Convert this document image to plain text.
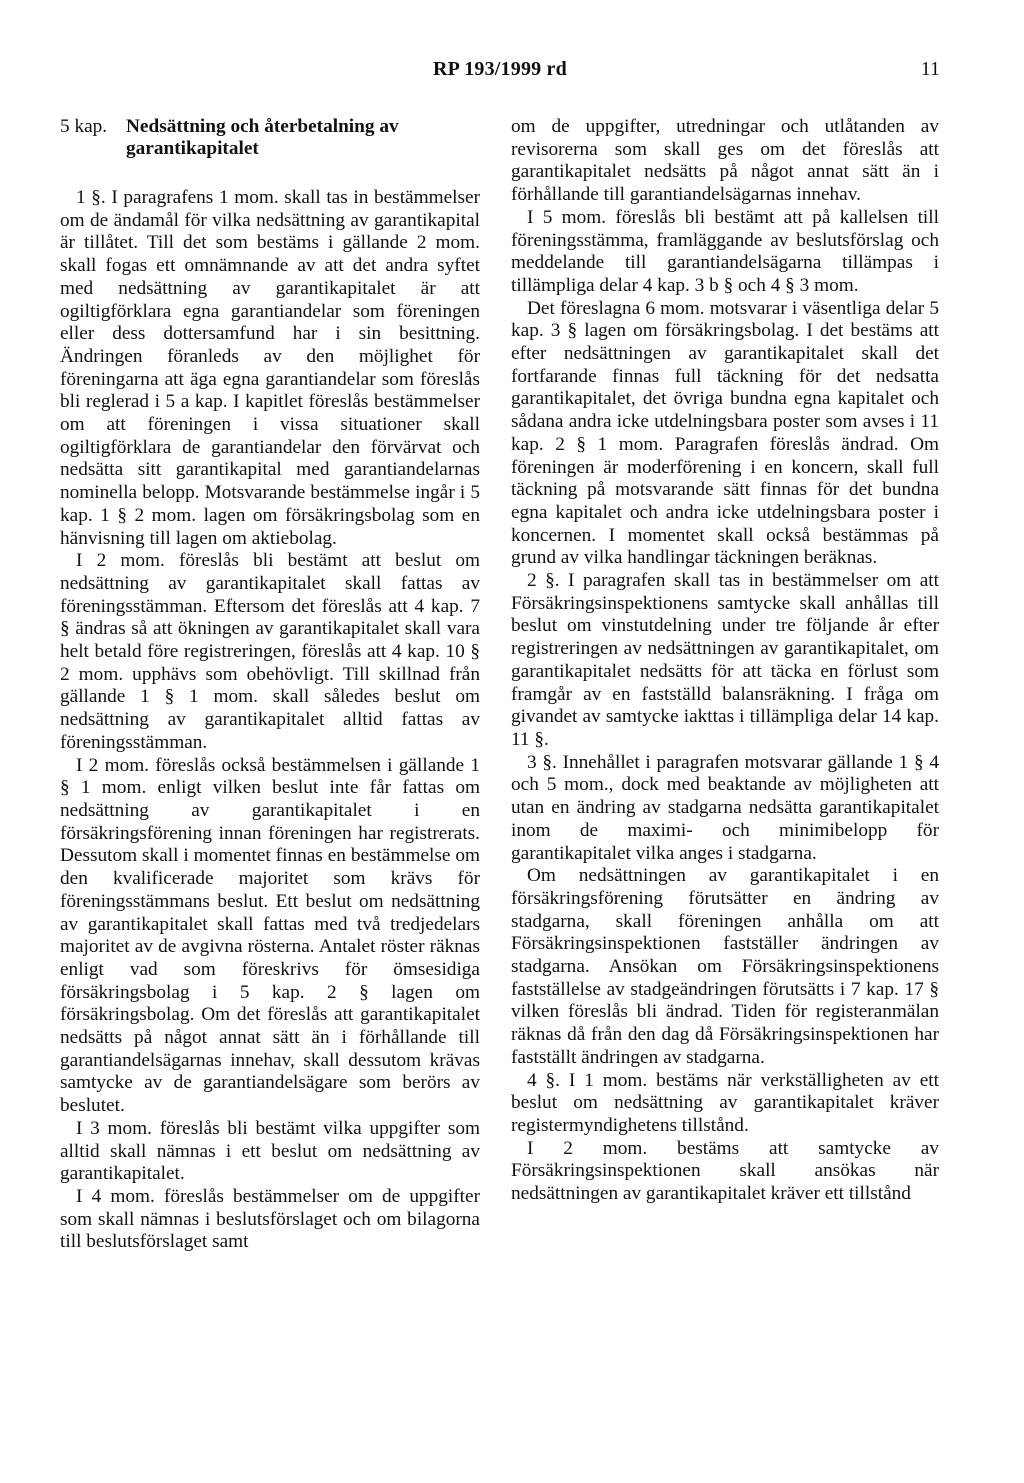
RP 193/1999 rd	11
5 kap. Nedsättning och återbetalning av garantikapitalet

1 §. I paragrafens 1 mom. skall tas in bestämmelser om de ändamål för vilka nedsättning av garantikapital är tillåtet. Till det som bestäms i gällande 2 mom. skall fogas ett omnämnande av att det andra syftet med nedsättning av garantikapitalet är att ogiltigförklara egna garantiandelar som föreningen eller dess dottersamfund har i sin besittning. Ändringen föranleds av den möjlighet för föreningarna att äga egna garantiandelar som föreslås bli reglerad i 5 a kap. I kapitlet föreslås bestämmelser om att föreningen i vissa situationer skall ogiltigförklara de garantiandelar den förvärvat och nedsätta sitt garantikapital med garantiandelarnas nominella belopp. Motsvarande bestämmelse ingår i 5 kap. 1 § 2 mom. lagen om försäkringsbolag som en hänvisning till lagen om aktiebolag.

I 2 mom. föreslås bli bestämt att beslut om nedsättning av garantikapitalet skall fattas av föreningsstämman. Eftersom det föreslås att 4 kap. 7 § ändras så att ökningen av garantikapitalet skall vara helt betald före registreringen, föreslås att 4 kap. 10 § 2 mom. upphävs som obehövligt. Till skillnad från gällande 1 § 1 mom. skall således beslut om nedsättning av garantikapitalet alltid fattas av föreningsstämman.

I 2 mom. föreslås också bestämmelsen i gällande 1 § 1 mom. enligt vilken beslut inte får fattas om nedsättning av garantikapitalet i en försäkringsförening innan föreningen har registrerats. Dessutom skall i momentet finnas en bestämmelse om den kvalificerade majoritet som krävs för föreningsstämmans beslut. Ett beslut om nedsättning av garantikapitalet skall fattas med två tredjedelars majoritet av de avgivna rösterna. Antalet röster räknas enligt vad som föreskrivs för ömsesidiga försäkringsbolag i 5 kap. 2 § lagen om försäkringsbolag. Om det föreslås att garantikapitalet nedsätts på något annat sätt än i förhållande till garantiandelsägarnas innehav, skall dessutom krävas samtycke av de garantiandelsägare som berörs av beslutet.

I 3 mom. föreslås bli bestämt vilka uppgifter som alltid skall nämnas i ett beslut om nedsättning av garantikapitalet.

I 4 mom. föreslås bestämmelser om de uppgifter som skall nämnas i beslutsförslaget och om bilagorna till beslutsförslaget samt

om de uppgifter, utredningar och utlåtanden av revisorerna som skall ges om det föreslås att garantikapitalet nedsätts på något annat sätt än i förhållande till garantiandelsägarnas innehav.

I 5 mom. föreslås bli bestämt att på kallelsen till föreningsstämma, framläggande av beslutsförslag och meddelande till garantiandelsägarna tillämpas i tillämpliga delar 4 kap. 3 b § och 4 § 3 mom.

Det föreslagna 6 mom. motsvarar i väsentliga delar 5 kap. 3 § lagen om försäkringsbolag. I det bestäms att efter nedsättningen av garantikapitalet skall det fortfarande finnas full täckning för det nedsatta garantikapitalet, det övriga bundna egna kapitalet och sådana andra icke utdelningsbara poster som avses i 11 kap. 2 § 1 mom. Paragrafen föreslås ändrad. Om föreningen är moderförening i en koncern, skall full täckning på motsvarande sätt finnas för det bundna egna kapitalet och andra icke utdelningsbara poster i koncernen. I momentet skall också bestämmas på grund av vilka handlingar täckningen beräknas.

2 §. I paragrafen skall tas in bestämmelser om att Försäkringsinspektionens samtycke skall anhållas till beslut om vinstutdelning under tre följande år efter registreringen av nedsättningen av garantikapitalet, om garantikapitalet nedsätts för att täcka en förlust som framgår av en fastställd balansräkning. I fråga om givandet av samtycke iakttas i tillämpliga delar 14 kap. 11 §.

3 §. Innehållet i paragrafen motsvarar gällande 1 § 4 och 5 mom., dock med beaktande av möjligheten att utan en ändring av stadgarna nedsätta garantikapitalet inom de maximi- och minimibelopp för garantikapitalet vilka anges i stadgarna.

Om nedsättningen av garantikapitalet i en försäkringsförening förutsätter en ändring av stadgarna, skall föreningen anhålla om att Försäkringsinspektionen fastställer ändringen av stadgarna. Ansökan om Försäkringsinspektionens fastställelse av stadgeändringen förutsätts i 7 kap. 17 § vilken föreslås bli ändrad. Tiden för registeranmälan räknas då från den dag då Försäkringsinspektionen har fastställt ändringen av stadgarna.

4 §. I 1 mom. bestäms när verkställigheten av ett beslut om nedsättning av garantikapitalet kräver registermyndighetens tillstånd.

I 2 mom. bestäms att samtycke av Försäkringsinspektionen skall ansökas när nedsättningen av garantikapitalet kräver ett tillstånd
